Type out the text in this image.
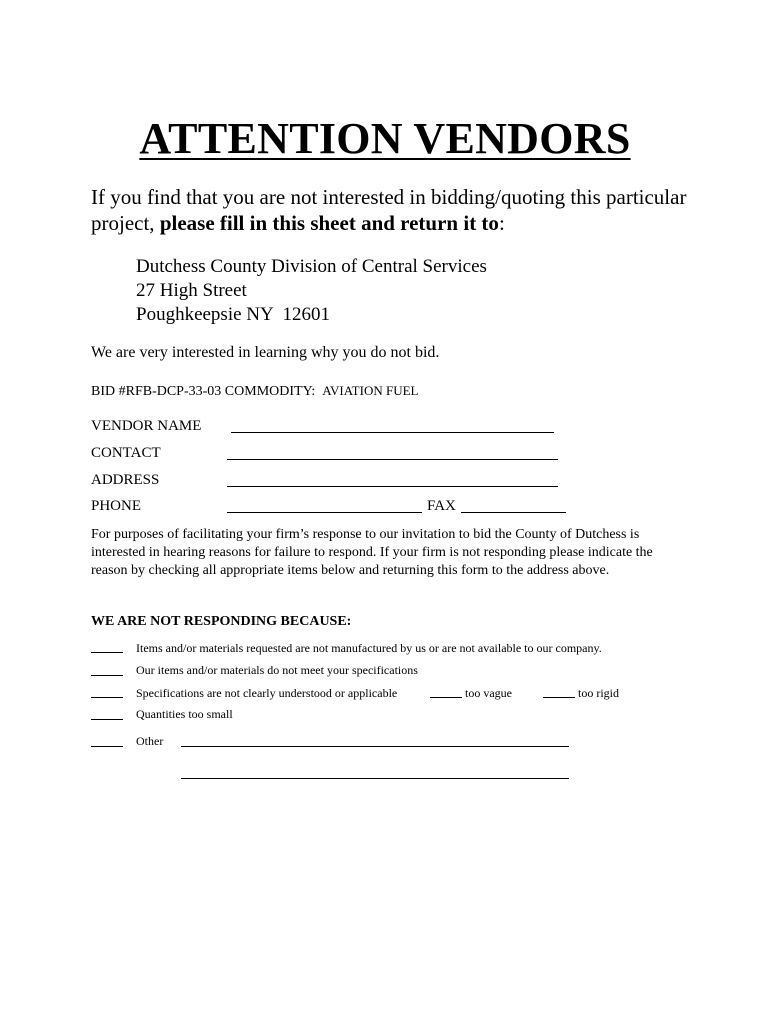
ATTENTION VENDORS
If you find that you are not interested in bidding/quoting this particular project, please fill in this sheet and return it to:
Dutchess County Division of Central Services
27 High Street
Poughkeepsie NY  12601
We are very interested in learning why you do not bid.
BID #RFB-DCP-33-03 COMMODITY: AVIATION FUEL
VENDOR NAME
CONTACT
ADDRESS
PHONE	FAX
For purposes of facilitating your firm’s response to our invitation to bid the County of Dutchess is interested in hearing reasons for failure to respond. If your firm is not responding please indicate the reason by checking all appropriate items below and returning this form to the address above.
WE ARE NOT RESPONDING BECAUSE:
Items and/or materials requested are not manufactured by us or are not available to our company.
Our items and/or materials do not meet your specifications
Specifications are not clearly understood or applicable	too vague	too rigid
Quantities too small
Other
